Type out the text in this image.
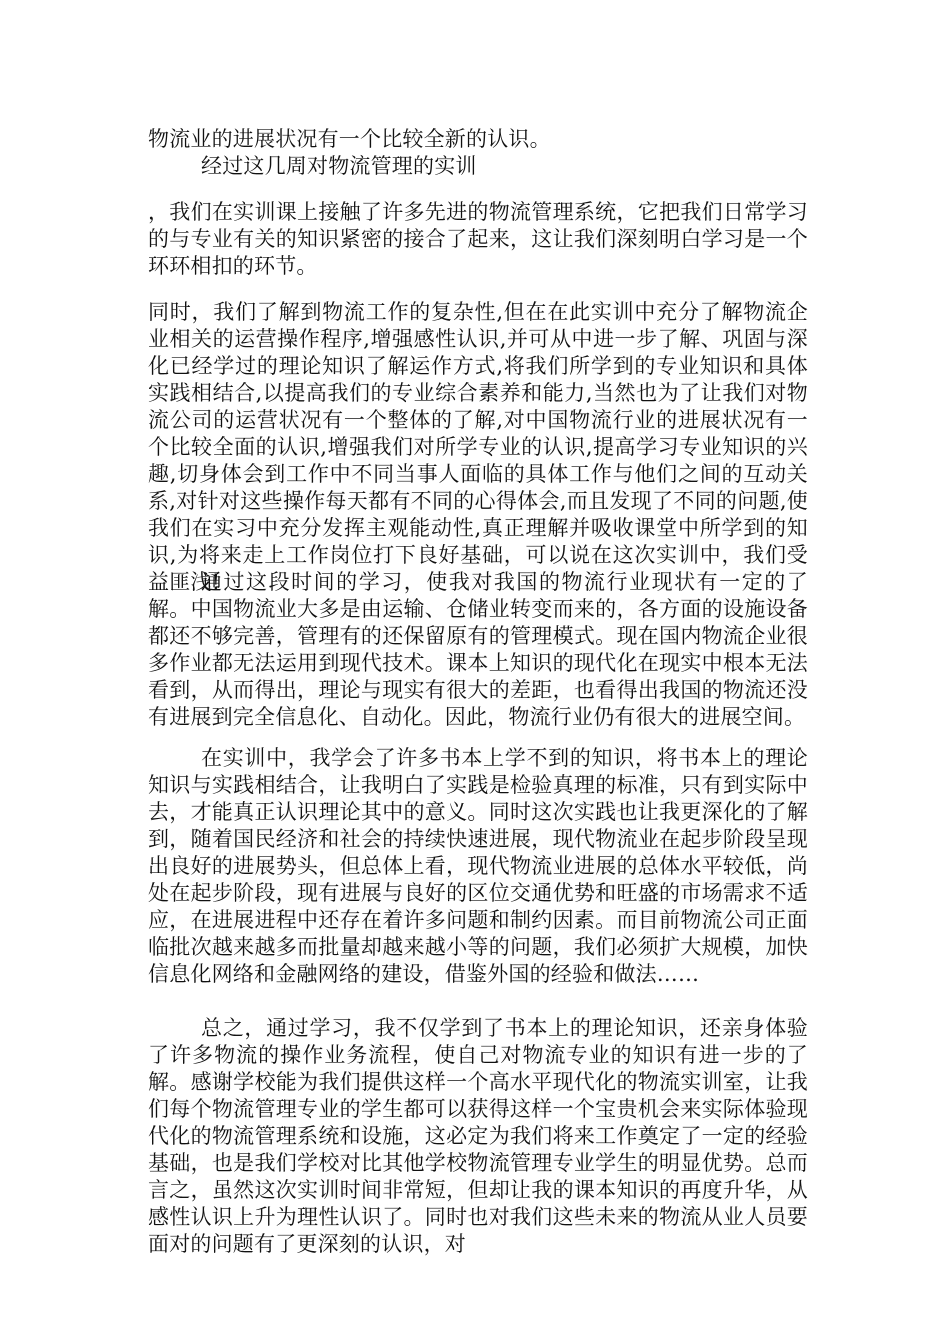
物流业的进展状况有一个比较全新的认识。

经过这几周对物流管理的实训

，我们在实训课上接触了许多先进的物流管理系统，它把我们日常学习的与专业有关的知识紧密的接合了起来，这让我们深刻明白学习是一个环环相扣的环节。

同时，我们了解到物流工作的复杂性,但在在此实训中充分了解物流企业相关的运营操作程序,增强感性认识,并可从中进一步了解、巩固与深化已经学过的理论知识了解运作方式,将我们所学到的专业知识和具体实践相结合,以提高我们的专业综合素养和能力,当然也为了让我们对物流公司的运营状况有一个整体的了解,对中国物流行业的进展状况有一个比较全面的认识,增强我们对所学专业的认识,提高学习专业知识的兴趣,切身体会到工作中不同当事人面临的具体工作与他们之间的互动关系,对针对这些操作每天都有不同的心得体会,而且发现了不同的问题,使我们在实习中充分发挥主观能动性,真正理解并吸收课堂中所学到的知识,为将来走上工作岗位打下良好基础，可以说在这次实训中，我们受益匪浅!

通过这段时间的学习，使我对我国的物流行业现状有一定的了解。中国物流业大多是由运输、仓储业转变而来的，各方面的设施设备都还不够完善，管理有的还保留原有的管理模式。现在国内物流企业很多作业都无法运用到现代技术。课本上知识的现代化在现实中根本无法看到，从而得出，理论与现实有很大的差距，也看得出我国的物流还没有进展到完全信息化、自动化。因此，物流行业仍有很大的进展空间。

在实训中，我学会了许多书本上学不到的知识，将书本上的理论知识与实践相结合，让我明白了实践是检验真理的标准，只有到实际中去，才能真正认识理论其中的意义。同时这次实践也让我更深化的了解到，随着国民经济和社会的持续快速进展，现代物流业在起步阶段呈现出良好的进展势头，但总体上看，现代物流业进展的总体水平较低，尚处在起步阶段，现有进展与良好的区位交通优势和旺盛的市场需求不适应，在进展进程中还存在着许多问题和制约因素。而目前物流公司正面临批次越来越多而批量却越来越小等的问题，我们必须扩大规模，加快信息化网络和金融网络的建设，借鉴外国的经验和做法……

总之，通过学习，我不仅学到了书本上的理论知识，还亲身体验了许多物流的操作业务流程，使自己对物流专业的知识有进一步的了解。感谢学校能为我们提供这样一个高水平现代化的物流实训室，让我们每个物流管理专业的学生都可以获得这样一个宝贵机会来实际体验现代化的物流管理系统和设施，这必定为我们将来工作奠定了一定的经验基础，也是我们学校对比其他学校物流管理专业学生的明显优势。总而言之，虽然这次实训时间非常短，但却让我的课本知识的再度升华，从感性认识上升为理性认识了。同时也对我们这些未来的物流从业人员要面对的问题有了更深刻的认识，对
